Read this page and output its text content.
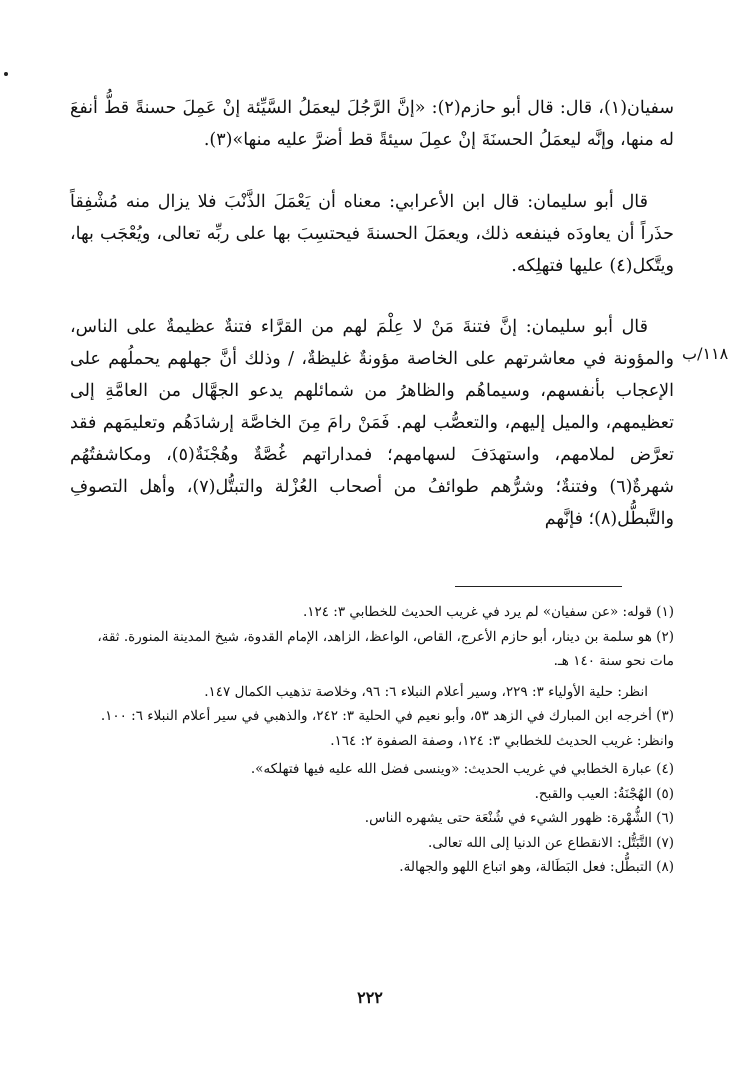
سفيان(١)، قال: قال أبو حازم(٢): «إنَّ الرَّجُلَ ليعمَلُ السَّيِّئة إنْ عَمِلَ حسنةً قطُّ أنفعَ له منها، وإنَّه ليعمَلُ الحسنَةَ إنْ عمِلَ سيئةً قط أضرَّ عليه منها»(٣).
قال أبو سليمان: قال ابن الأعرابي: معناه أن يَعْمَلَ الذَّنْبَ فلا يزال منه مُشْفِقاً حذَراً أن يعاودَه فينفعه ذلك، ويعمَلَ الحسنةَ فيحتسِبَ بها على ربِّه تعالى، ويُعْجَب بها، ويتَّكل(٤) عليها فتهلِكه.
قال أبو سليمان: إنَّ فتنةَ مَنْ لا عِلْمَ لهم من القرَّاء فتنةٌ عظيمةٌ على الناس، والمؤونة في معاشرتهم على الخاصة مؤونةٌ غليظةٌ، / وذلك أنَّ جهلهم يحملُهم على الإعجاب بأنفسهم، وسيماهُم والظاهرُ من شمائلهم يدعو الجهَّال من العامَّةِ إلى تعظيمهم، والميل إليهم، والتعصُّب لهم. فَمَنْ رامَ مِنَ الخاصَّة إرشادَهُم وتعليمَهم فقد تعرَّض لملامهم، واستهدَفَ لسهامهم؛ فمداراتهم غُصَّةٌ وهُجْنَةٌ(٥)، ومكاشفتُهُم شهرةٌ(٦) وفتنةٌ؛ وشرُّهم طوائفُ من أصحاب العُزْلة والتبتُّل(٧)، وأهل التصوفِ والتَّبطُّل(٨)؛ فإنَّهم
١١٨/ب

(١) قوله: «عن سفيان» لم يرد في غريب الحديث للخطابي ٣: ١٢٤.

(٢) هو سلمة بن دينار، أبو حازم الأعرج، القاص، الواعظ، الزاهد، الإمام القدوة، شيخ المدينة المنورة. ثقة، مات نحو سنة ١٤٠ هـ.

انظر: حلية الأولياء ٣: ٢٢٩، وسير أعلام النبلاء ٦: ٩٦، وخلاصة تذهيب الكمال ١٤٧.

(٣) أخرجه ابن المبارك في الزهد ٥٣، وأبو نعيم في الحلية ٣: ٢٤٢، والذهبي في سير أعلام النبلاء ٦: ١٠٠. وانظر: غريب الحديث للخطابي ٣: ١٢٤، وصفة الصفوة ٢: ١٦٤.

(٤) عبارة الخطابي في غريب الحديث: «وينسى فضل الله عليه فيها فتهلكه».

(٥) الهُجْنَةُ: العيب والقبح.

(٦) الشُّهْرة: ظهور الشيء في شُنْعَة حتى يشهره الناس.

(٧) التَّبَتُّل: الانقطاع عن الدنيا إلى الله تعالى.

(٨) التبطُّل: فعل البَطَالة، وهو اتباع اللهو والجهالة.

٢٢٢
